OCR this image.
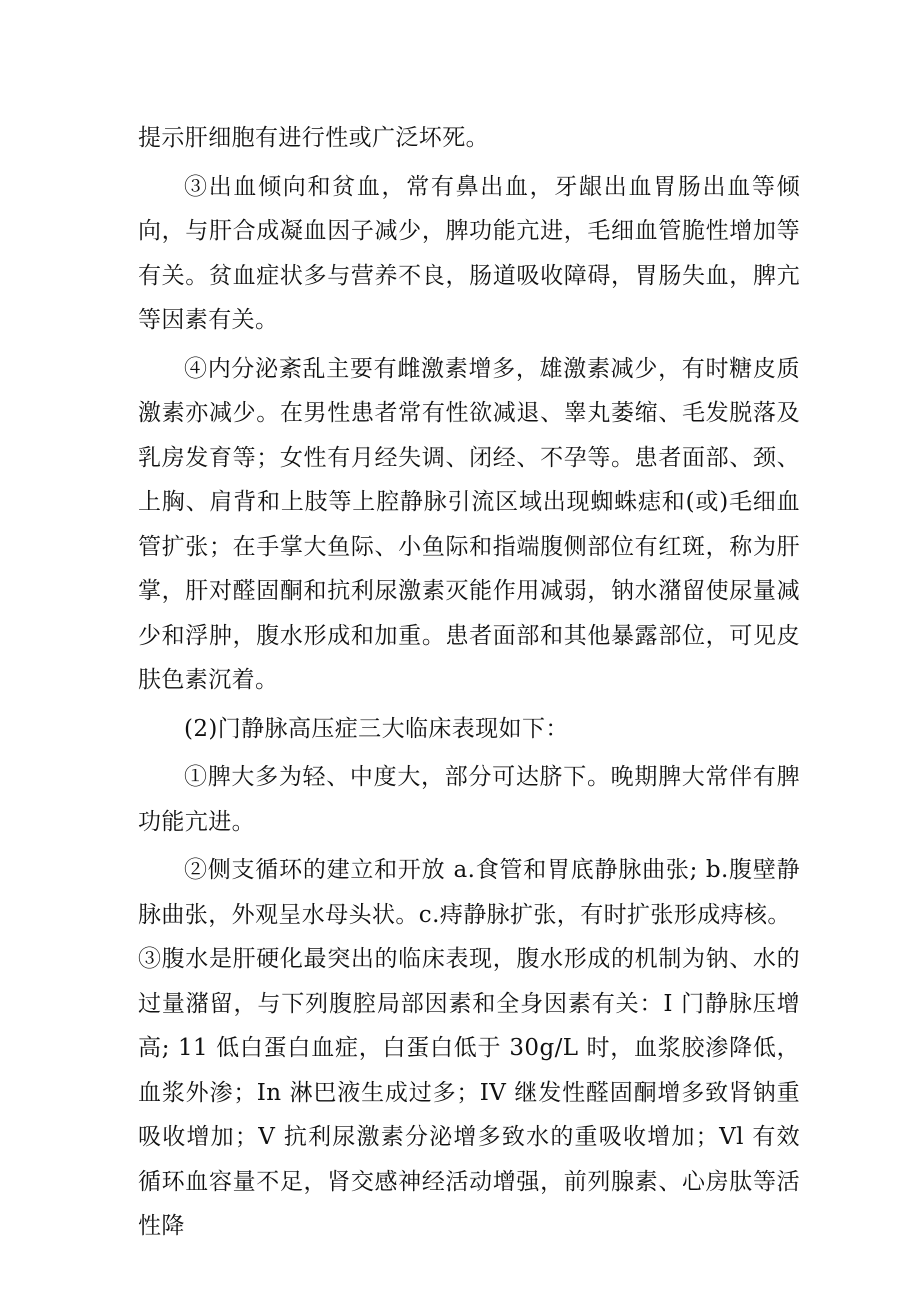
提示肝细胞有进行性或广泛坏死。

③出血倾向和贫血，常有鼻出血，牙龈出血胃肠出血等倾向，与肝合成凝血因子减少，脾功能亢进，毛细血管脆性增加等有关。贫血症状多与营养不良，肠道吸收障碍，胃肠失血，脾亢等因素有关。

④内分泌紊乱主要有雌激素增多，雄激素减少，有时糖皮质激素亦减少。在男性患者常有性欲减退、睾丸萎缩、毛发脱落及乳房发育等；女性有月经失调、闭经、不孕等。患者面部、颈、上胸、肩背和上肢等上腔静脉引流区域出现蜘蛛痣和(或)毛细血管扩张；在手掌大鱼际、小鱼际和指端腹侧部位有红斑，称为肝掌，肝对醛固酮和抗利尿激素灭能作用减弱，钠水潴留使尿量减少和浮肿，腹水形成和加重。患者面部和其他暴露部位，可见皮肤色素沉着。

(2)门静脉高压症三大临床表现如下：

①脾大多为轻、中度大，部分可达脐下。晚期脾大常伴有脾功能亢进。

②侧支循环的建立和开放 a.食管和胃底静脉曲张; b.腹壁静脉曲张，外观呈水母头状。c.痔静脉扩张，有时扩张形成痔核。

③腹水是肝硬化最突出的临床表现，腹水形成的机制为钠、水的过量潴留，与下列腹腔局部因素和全身因素有关：I 门静脉压增高; 11 低白蛋白血症，白蛋白低于 30g/L 时，血浆胶渗降低，血浆外渗；In 淋巴液生成过多；IV 继发性醛固酮增多致肾钠重吸收增加；V 抗利尿激素分泌增多致水的重吸收增加；Vl 有效循环血容量不足，肾交感神经活动增强，前列腺素、心房肽等活性降
